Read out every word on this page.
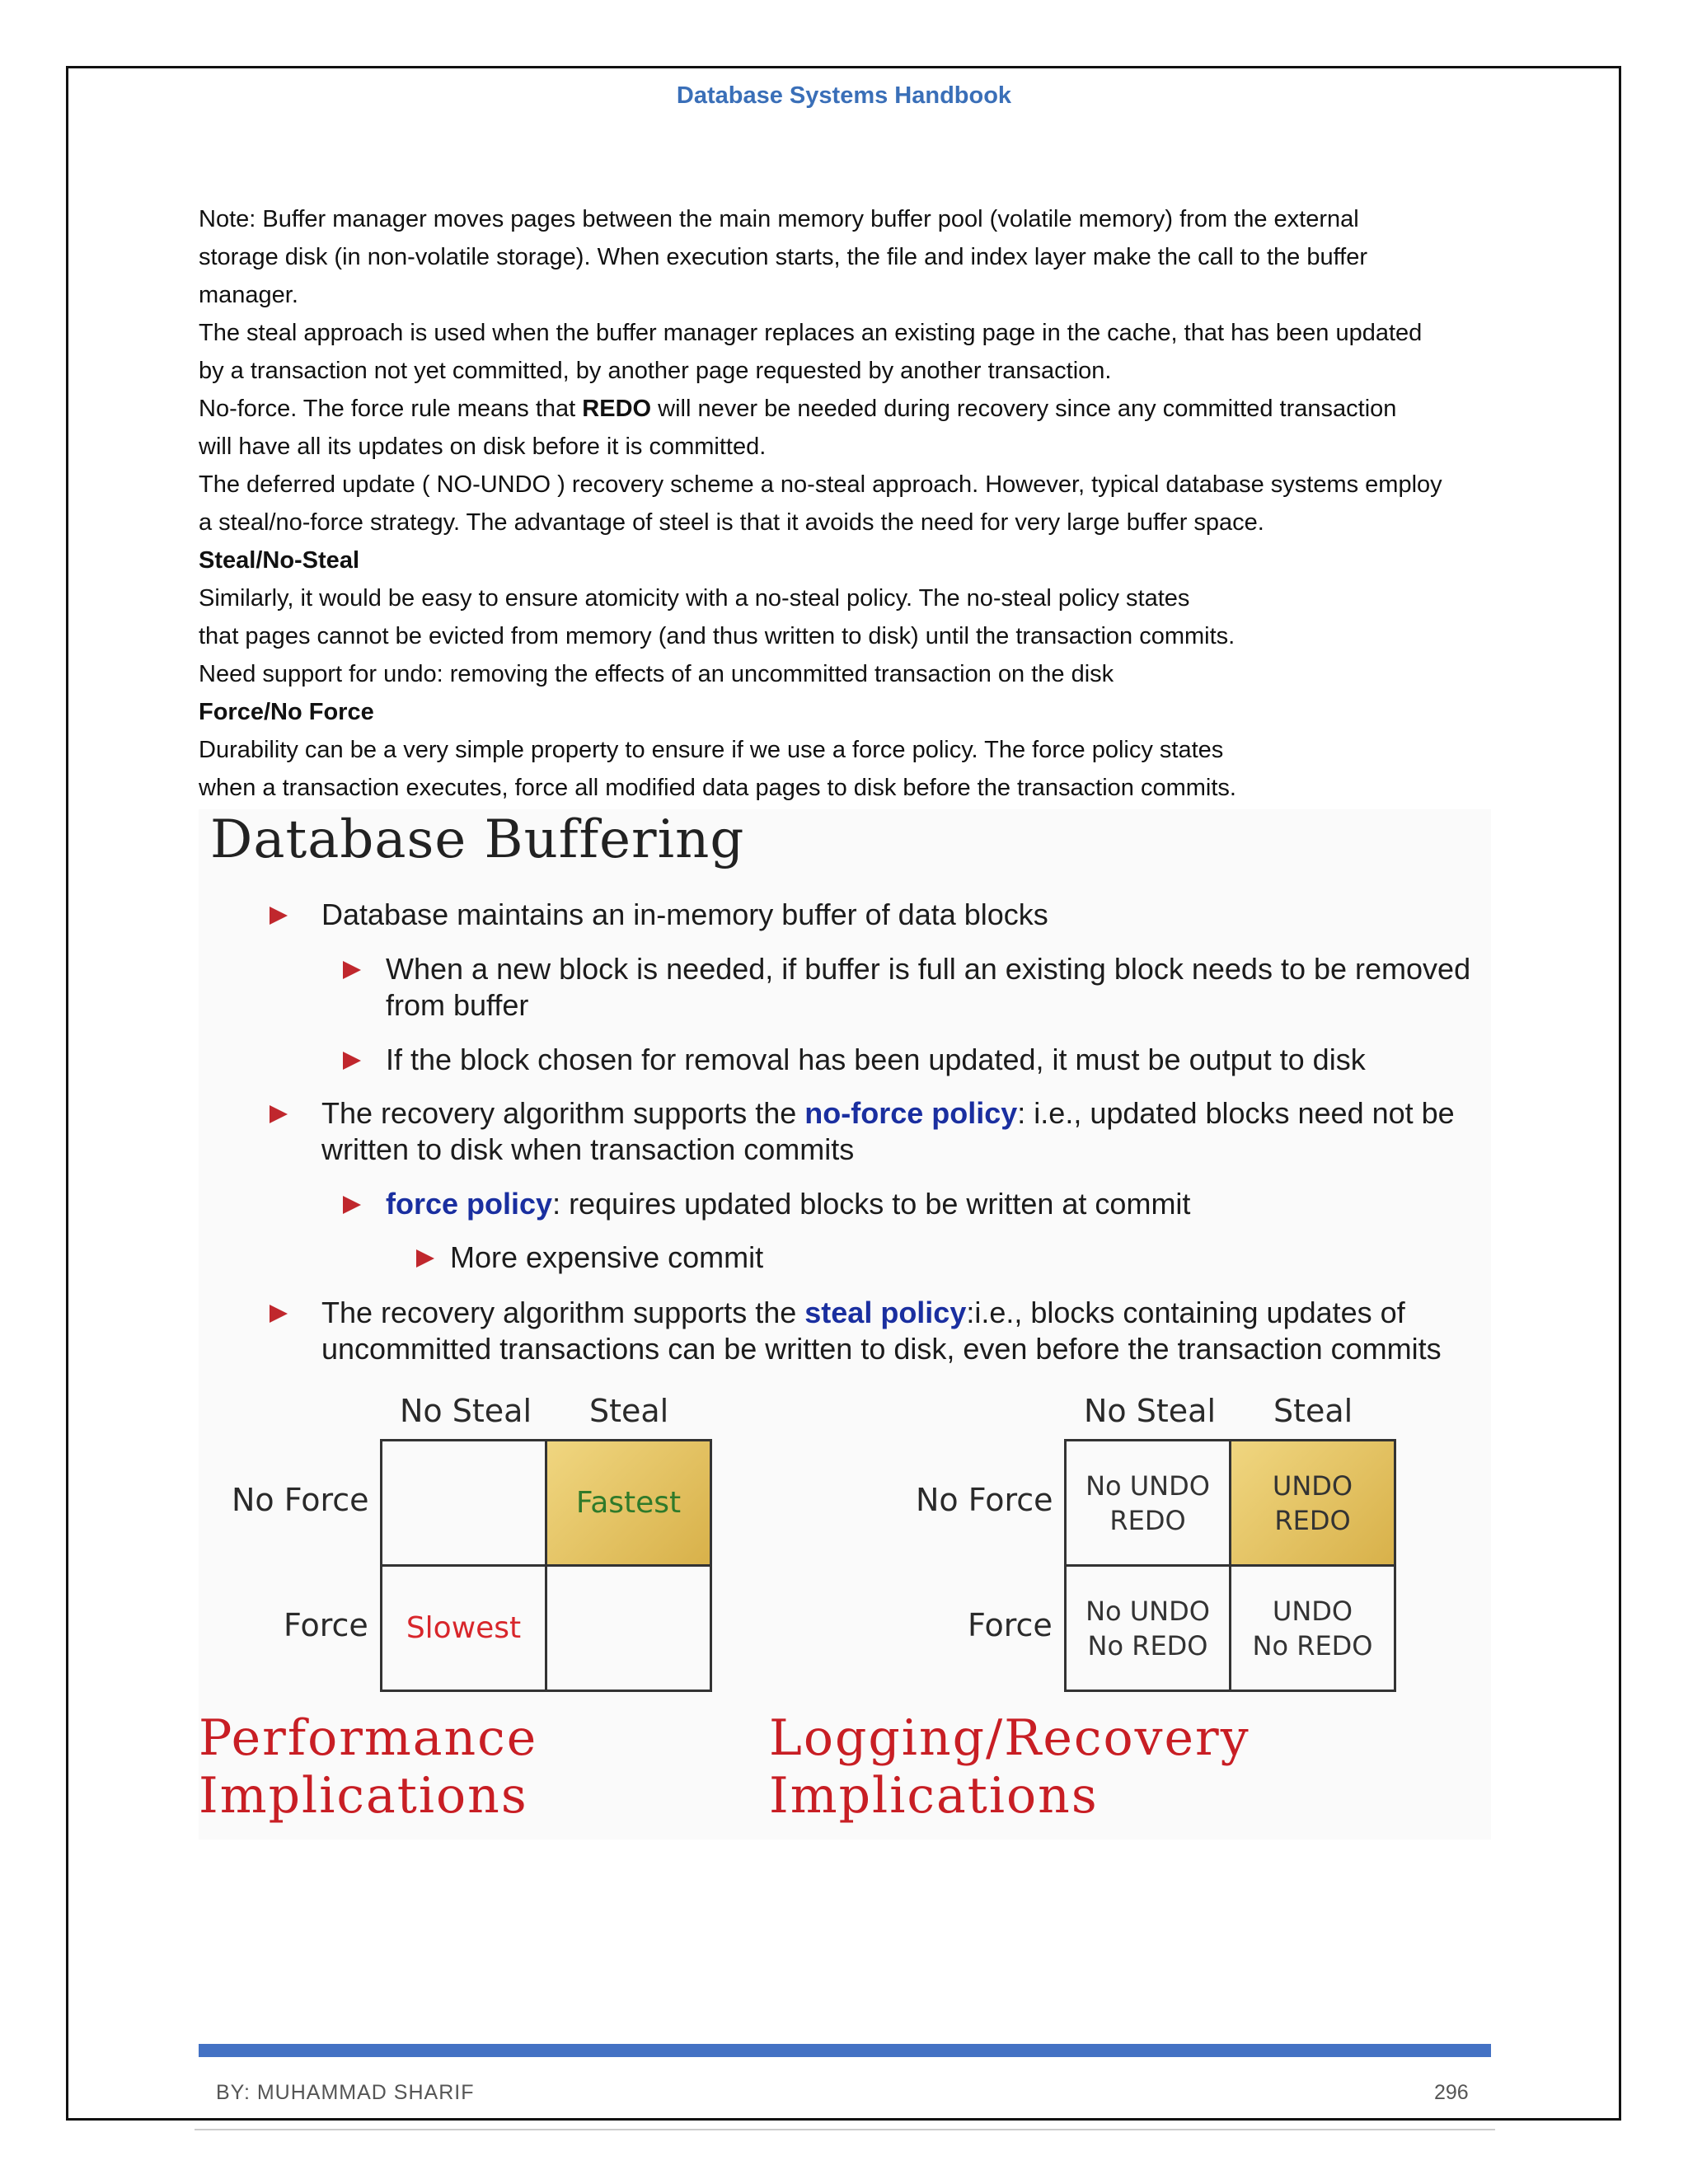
Database Systems Handbook

Note: Buffer manager moves pages between the main memory buffer pool (volatile memory) from the external

storage disk (in non-volatile storage). When execution starts, the file and index layer make the call to the buffer

manager.

The steal approach is used when the buffer manager replaces an existing page in the cache, that has been updated

by a transaction not yet committed, by another page requested by another transaction.

No-force. The force rule means that REDO will never be needed during recovery since any committed transaction

will have all its updates on disk before it is committed.

The deferred update ( NO-UNDO ) recovery scheme a no-steal approach. However, typical database systems employ

a steal/no-force strategy. The advantage of steel is that it avoids the need for very large buffer space.

Steal/No-Steal

Similarly, it would be easy to ensure atomicity with a no-steal policy. The no-steal policy states

that pages cannot be evicted from memory (and thus written to disk) until the transaction commits.

Need support for undo: removing the effects of an uncommitted transaction on the disk

Force/No Force

Durability can be a very simple property to ensure if we use a force policy. The force policy states

when a transaction executes, force all modified data pages to disk before the transaction commits.

Database Buffering
Database maintains an in-memory buffer of data blocks
When a new block is needed, if buffer is full an existing block needs to be removed
from buffer
If the block chosen for removal has been updated, it must be output to disk
The recovery algorithm supports the no-force policy: i.e., updated blocks need not be
written to disk when transaction commits
force policy: requires updated blocks to be written at commit
More expensive commit
The recovery algorithm supports the steal policy:i.e., blocks containing updates of
uncommitted transactions can be written to disk, even before the transaction commits
No Steal Steal
No Force
Force
Fastest
Slowest
No Steal Steal
No Force
Force
No UNDO
REDO
UNDO
REDO
No UNDO
No REDO
UNDO
No REDO
Performance
Implications
Logging/Recovery
Implications
BY: MUHAMMAD SHARIF	296
